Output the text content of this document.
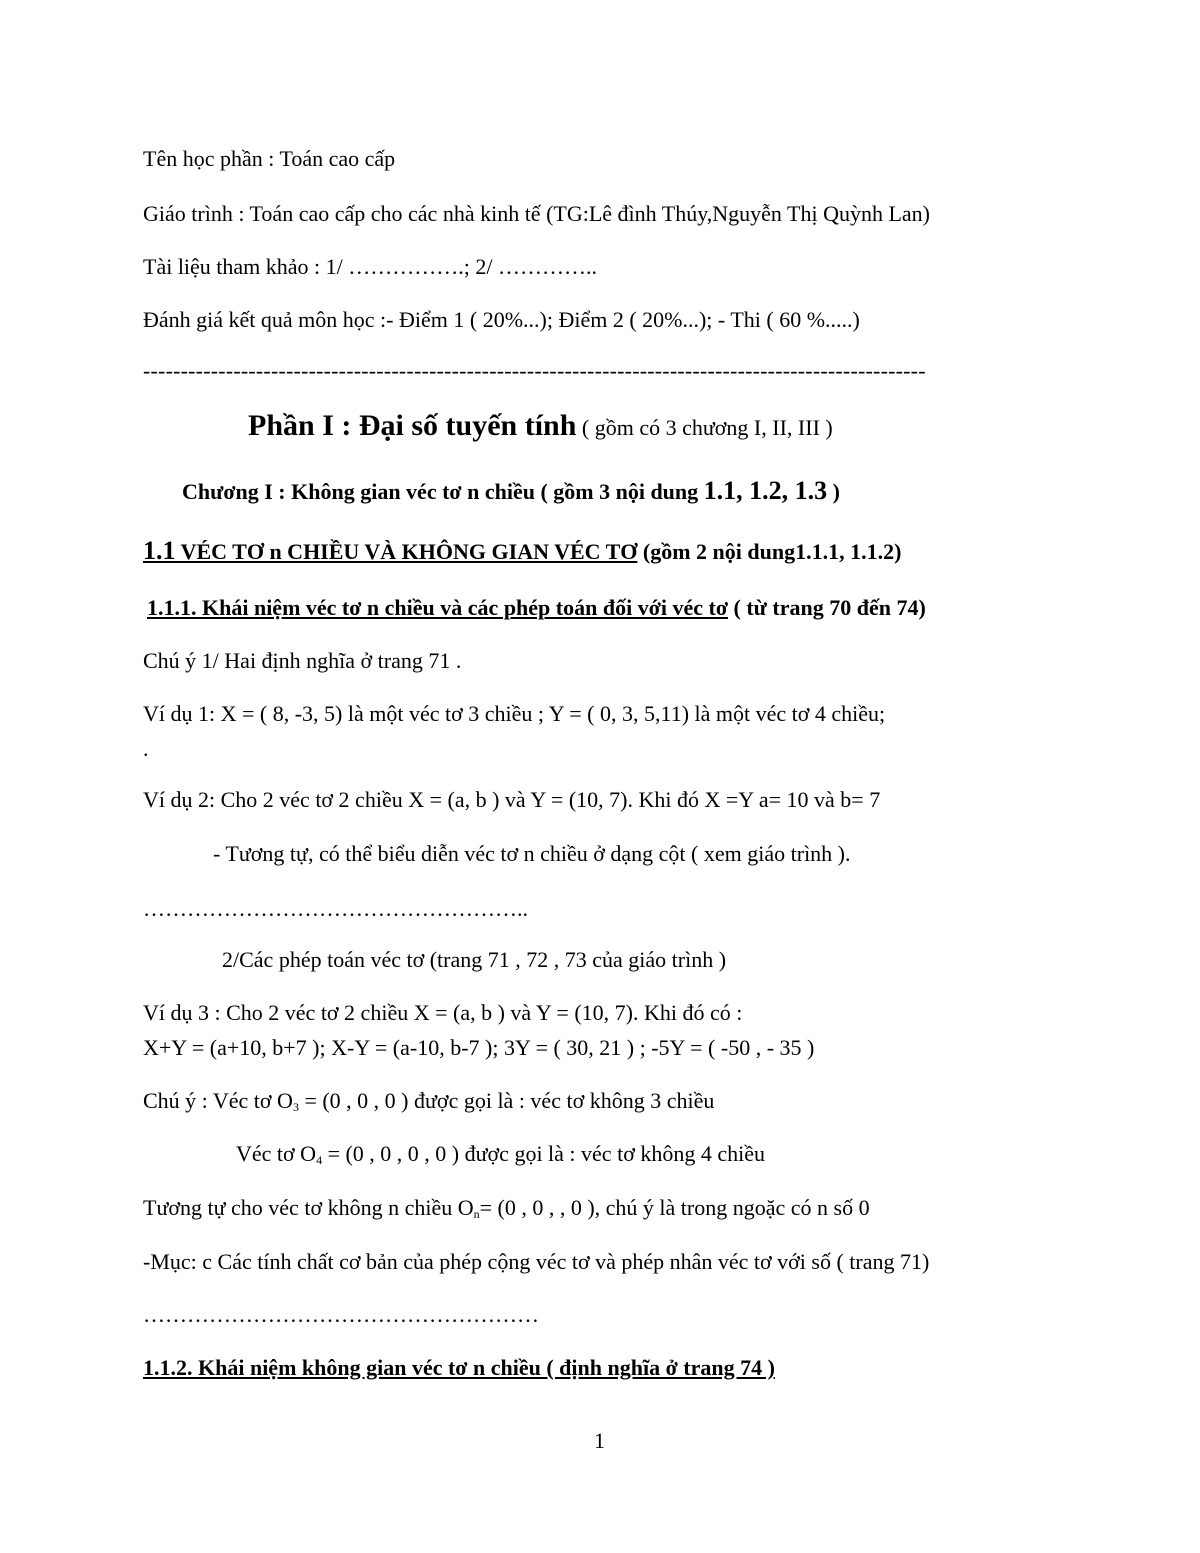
Tên học phần : Toán cao cấp
Giáo trình : Toán cao cấp cho các nhà kinh tế (TG:Lê đình Thúy,Nguyễn Thị Quỳnh Lan)
Tài liệu tham khảo : 1/ …………….; 2/ …………..
Đánh giá kết quả môn học :- Điểm 1 ( 20%...); Điểm 2 ( 20%...); - Thi ( 60 %.....)
--------------------------------------------------------------------------------------------------------
Phần I : Đại số tuyến tính ( gồm có 3 chương I, II, III )
Chương I : Không gian véc tơ n chiều ( gồm 3 nội dung 1.1, 1.2, 1.3 )
1.1 VÉC TƠ n CHIỀU VÀ KHÔNG GIAN VÉC TƠ (gồm 2 nội dung1.1.1, 1.1.2)
1.1.1. Khái niệm véc tơ n chiều và các phép toán đối với véc tơ ( từ trang 70 đến 74)
Chú ý 1/ Hai định nghĩa ở trang 71 .
Ví dụ 1: X = ( 8, -3, 5) là một véc tơ 3 chiều ; Y = ( 0, 3, 5,11) là một véc tơ 4 chiều;
.
Ví dụ 2: Cho 2 véc tơ 2 chiều X = (a, b ) và Y = (10, 7). Khi đó X =Y a= 10 và b= 7
- Tương tự, có thể biểu diễn véc tơ n chiều ở dạng cột ( xem giáo trình ).
……………………………………………..
2/Các phép toán véc tơ (trang 71 , 72 , 73 của giáo trình )
Ví dụ 3 : Cho 2 véc tơ 2 chiều X = (a, b ) và Y = (10, 7). Khi đó có :
X+Y = (a+10, b+7 ); X-Y = (a-10, b-7 ); 3Y = ( 30, 21 ) ; -5Y = ( -50 , - 35 )
Chú ý : Véc tơ $O_3 = (0$ , 0 , 0 ) được gọi là : véc tơ không 3 chiều
Véc tơ $O_4 = (0$ , 0 , 0 , 0 ) được gọi là : véc tơ không 4 chiều
Tương tự cho véc tơ không n chiều $O_n= (0$ , 0 , , 0 ), chú ý là trong ngoặc có n số 0
-Mục: c Các tính chất cơ bản của phép cộng véc tơ và phép nhân véc tơ với số ( trang 71)
………………………………………………
1.1.2. Khái niệm không gian véc tơ n chiều ( định nghĩa ở trang 74 )
1
